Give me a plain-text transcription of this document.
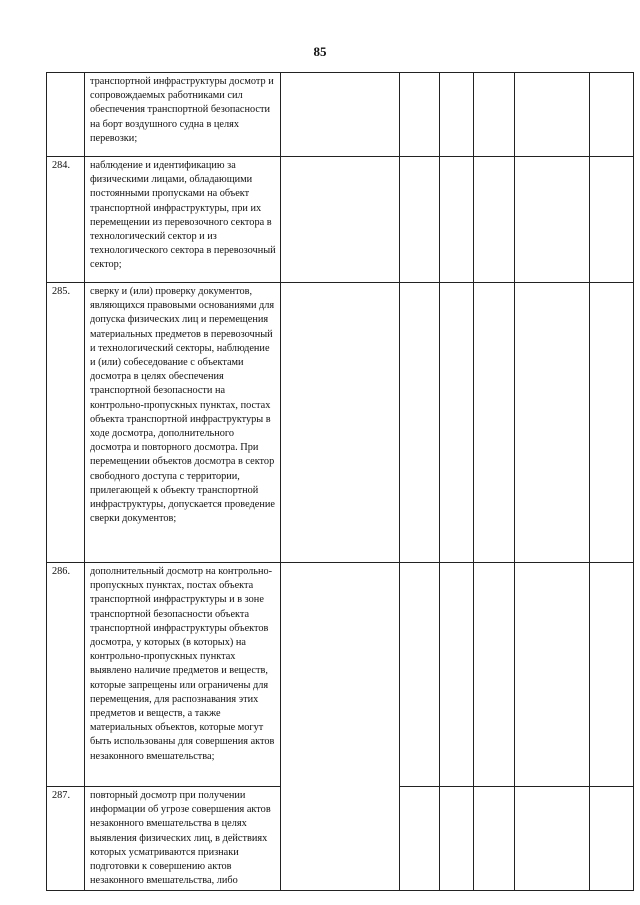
85
	транспортной инфраструктуры досмотр и сопровождаемых работниками сил обеспечения транспортной безопасности на борт воздушного судна в целях перевозки;						
284.	наблюдение и идентификацию за физическими лицами, обладающими постоянными пропусками на объект транспортной инфраструктуры, при их перемещении из перевозочного сектора в технологический сектор и из технологического сектора в перевозочный сектор;						
285.	сверку и (или) проверку документов, являющихся правовыми основаниями для допуска физических лиц и перемещения материальных предметов в перевозочный и технологический секторы, наблюдение и (или) собеседование с объектами досмотра в целях обеспечения транспортной безопасности на контрольно-пропускных пунктах, постах объекта транспортной инфраструктуры в ходе досмотра, дополнительного досмотра и повторного досмотра. При перемещении объектов досмотра в сектор свободного доступа с территории, прилегающей к объекту транспортной инфраструктуры, допускается проведение сверки документов;						
286.	дополнительный досмотр на контрольно-пропускных пунктах, постах объекта транспортной инфраструктуры и в зоне транспортной безопасности объекта транспортной инфраструктуры объектов досмотра, у которых (в которых) на контрольно-пропускных пунктах выявлено наличие предметов и веществ, которые запрещены или ограничены для перемещения, для распознавания этих предметов и веществ, а также материальных объектов, которые могут быть использованы для совершения актов незаконного вмешательства;						
287.	повторный досмотр при получении информации об угрозе совершения актов незаконного вмешательства в целях выявления физических лиц, в действиях которых усматриваются признаки подготовки к совершению актов незаконного вмешательства, либо						
